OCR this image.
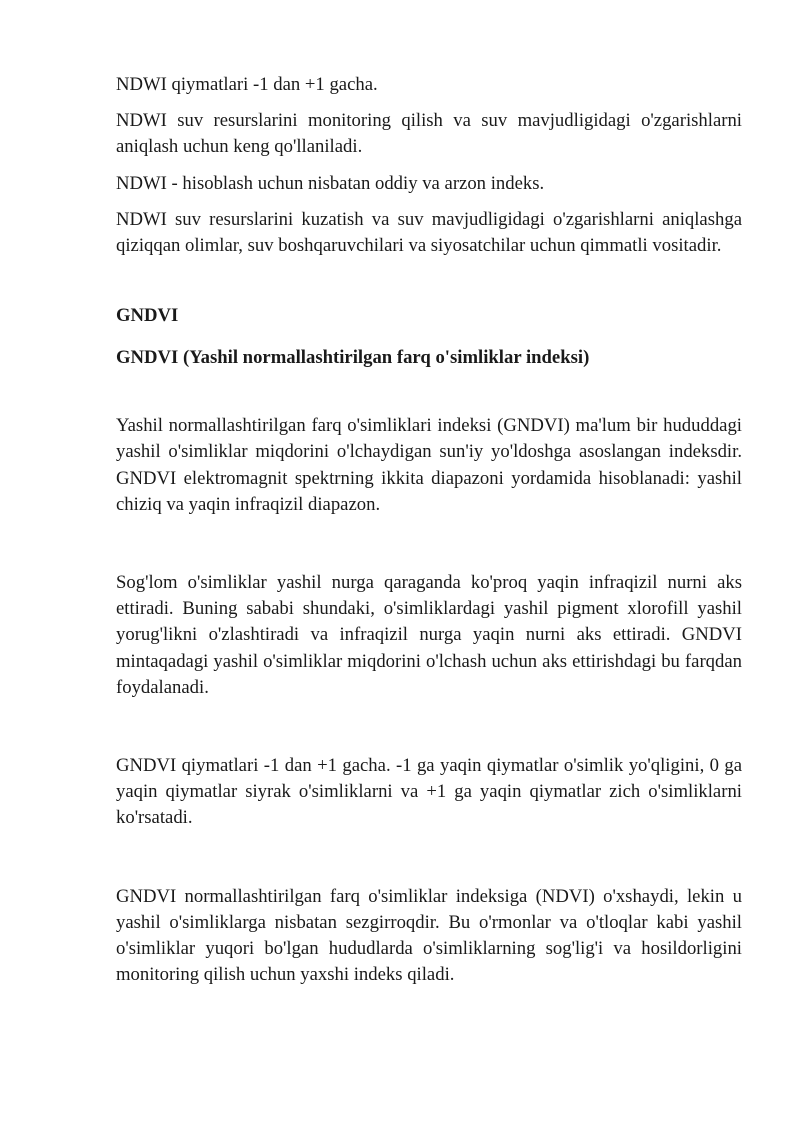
NDWI qiymatlari -1 dan +1 gacha.

NDWI suv resurslarini monitoring qilish va suv mavjudligidagi o'zgarishlarni aniqlash uchun keng qo'llaniladi.

NDWI - hisoblash uchun nisbatan oddiy va arzon indeks.

NDWI suv resurslarini kuzatish va suv mavjudligidagi o'zgarishlarni aniqlashga qiziqqan olimlar, suv boshqaruvchilari va siyosatchilar uchun qimmatli vositadir.

GNDVI
GNDVI (Yashil normallashtirilgan farq o'simliklar indeksi)

Yashil normallashtirilgan farq o'simliklari indeksi (GNDVI) ma'lum bir hududdagi yashil o'simliklar miqdorini o'lchaydigan sun'iy yo'ldoshga asoslangan indeksdir. GNDVI elektromagnit spektrning ikkita diapazoni yordamida hisoblanadi: yashil chiziq va yaqin infraqizil diapazon.

Sog'lom o'simliklar yashil nurga qaraganda ko'proq yaqin infraqizil nurni aks ettiradi. Buning sababi shundaki, o'simliklardagi yashil pigment xlorofill yashil yorug'likni o'zlashtiradi va infraqizil nurga yaqin nurni aks ettiradi. GNDVI mintaqadagi yashil o'simliklar miqdorini o'lchash uchun aks ettirishdagi bu farqdan foydalanadi.

GNDVI qiymatlari -1 dan +1 gacha. -1 ga yaqin qiymatlar o'simlik yo'qligini, 0 ga yaqin qiymatlar siyrak o'simliklarni va +1 ga yaqin qiymatlar zich o'simliklarni ko'rsatadi.

GNDVI normallashtirilgan farq o'simliklar indeksiga (NDVI) o'xshaydi, lekin u yashil o'simliklarga nisbatan sezgirroqdir. Bu o'rmonlar va o'tloqlar kabi yashil o'simliklar yuqori bo'lgan hududlarda o'simliklarning sog'lig'i va hosildorligini monitoring qilish uchun yaxshi indeks qiladi.
